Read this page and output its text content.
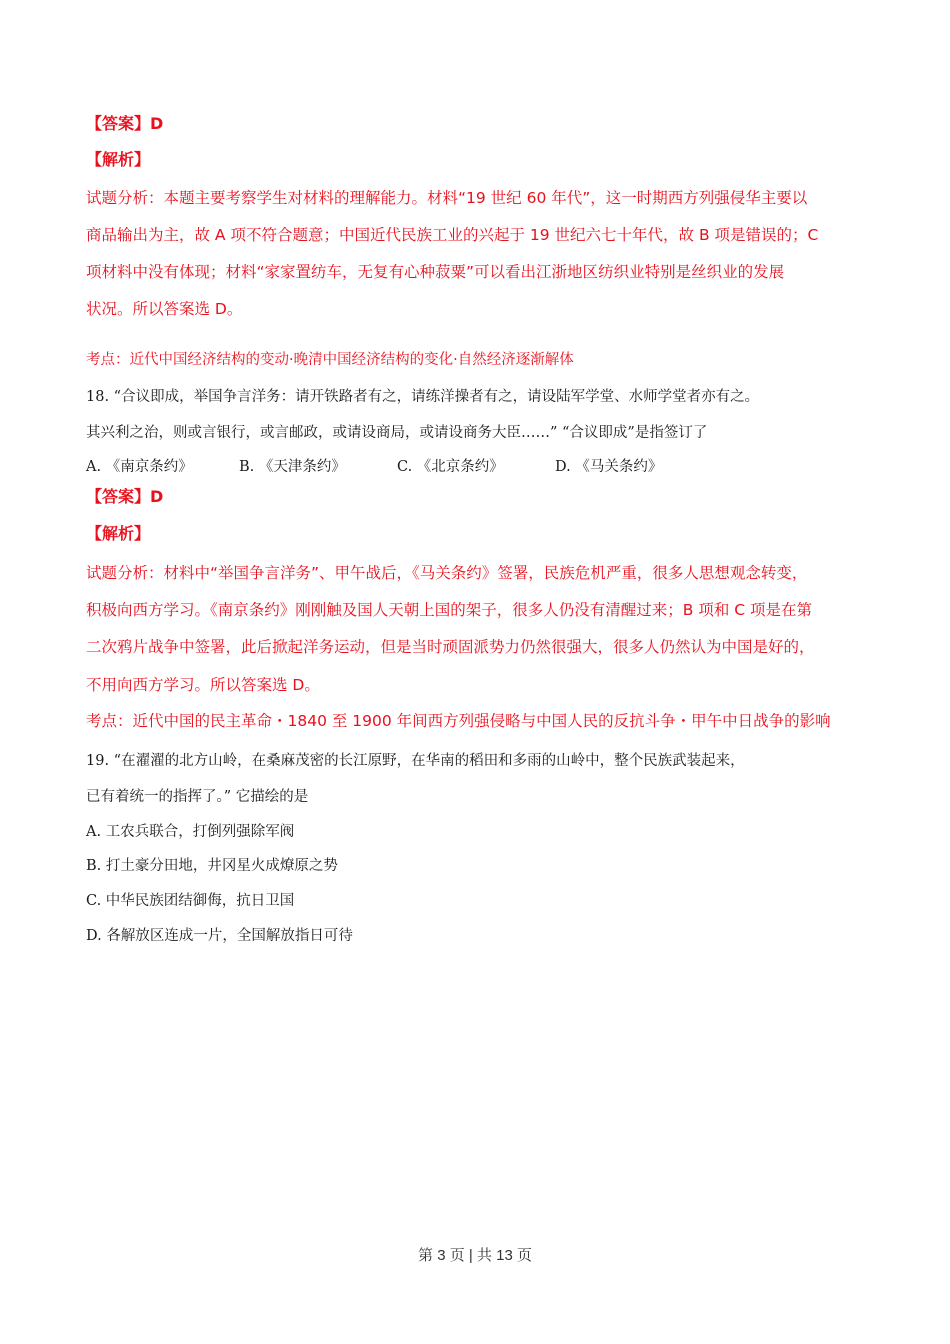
【答案】D
【解析】
试题分析：本题主要考察学生对材料的理解能力。材料“19 世纪 60 年代”，这一时期西方列强侵华主要以
商品输出为主，故 A 项不符合题意；中国近代民族工业的兴起于 19 世纪六七十年代，故 B 项是错误的；C
项材料中没有体现；材料“家家置纺车，无复有心种菽粟”可以看出江浙地区纺织业特别是丝织业的发展
状况。所以答案选 D。
考点：近代中国经济结构的变动·晚清中国经济结构的变化·自然经济逐渐解体
18. “合议即成，举国争言洋务：请开铁路者有之，请练洋操者有之，请设陆军学堂、水师学堂者亦有之。
其兴利之治，则或言银行，或言邮政，或请设商局，或请设商务大臣……” “合议即成”是指签订了
A. 《南京条约》	B. 《天津条约》	C. 《北京条约》	D. 《马关条约》
【答案】D
【解析】
试题分析：材料中“举国争言洋务”、甲午战后，《马关条约》签署，民族危机严重，很多人思想观念转变，
积极向西方学习。《南京条约》刚刚触及国人天朝上国的架子，很多人仍没有清醒过来；B 项和 C 项是在第
二次鸦片战争中签署，此后掀起洋务运动，但是当时顽固派势力仍然很强大，很多人仍然认为中国是好的，
不用向西方学习。所以答案选 D。
考点：近代中国的民主革命・1840 至 1900 年间西方列强侵略与中国人民的反抗斗争・甲午中日战争的影响
19. “在濯濯的北方山岭，在桑麻茂密的长江原野，在华南的稻田和多雨的山岭中，整个民族武装起来，
已有着统一的指挥了。” 它描绘的是
A. 工农兵联合，打倒列强除军阀
B. 打土豪分田地，井冈星火成燎原之势
C. 中华民族团结御侮，抗日卫国
D. 各解放区连成一片，全国解放指日可待
第 3 页 | 共 13 页
